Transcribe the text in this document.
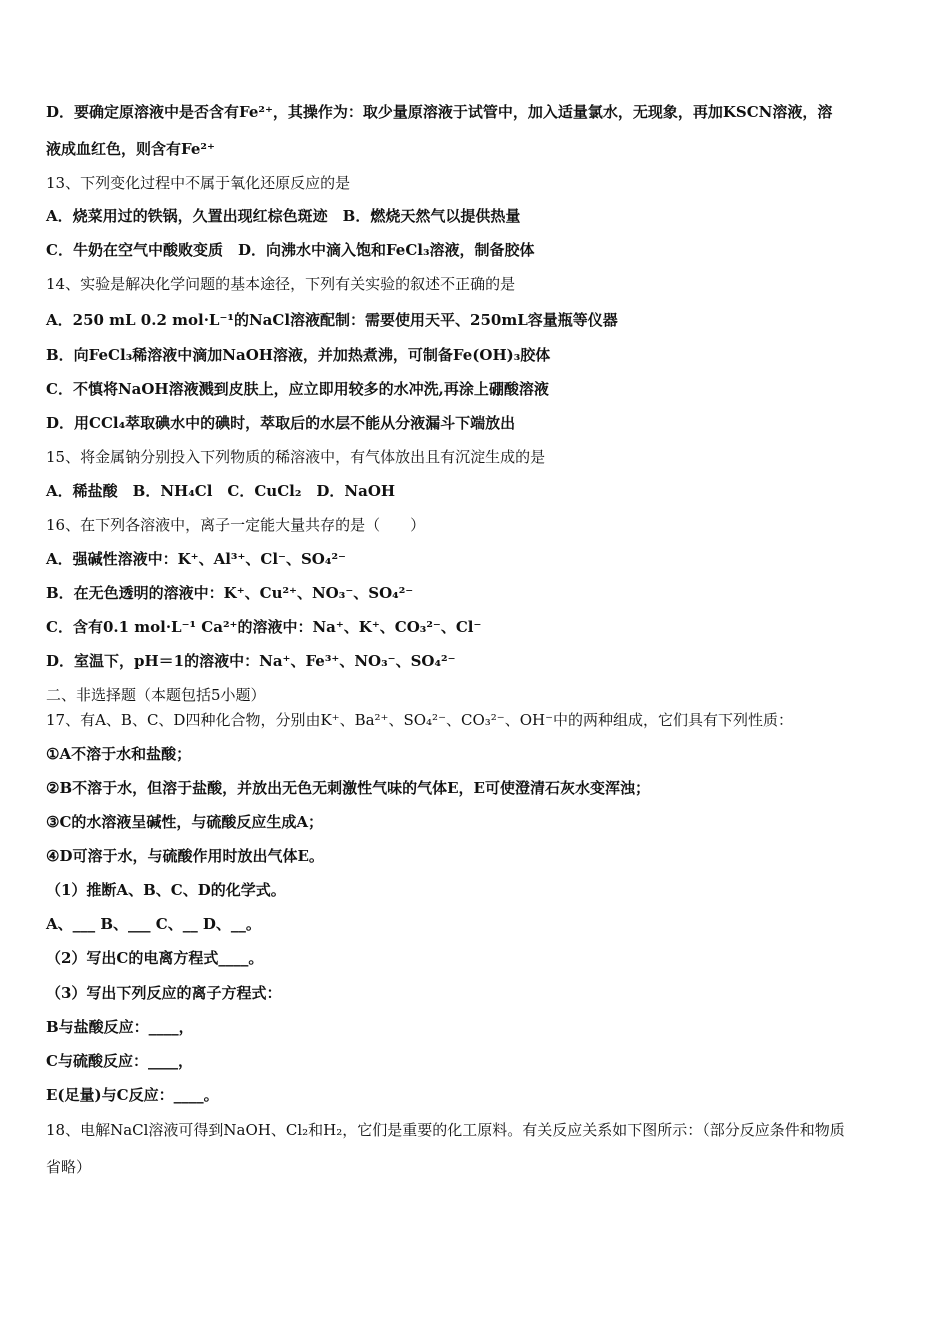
D．要确定原溶液中是否含有Fe²⁺，其操作为：取少量原溶液于试管中，加入适量氯水，无现象，再加KSCN溶液，溶
液成血红色，则含有Fe²⁺
13、下列变化过程中不属于氧化还原反应的是
A．烧菜用过的铁锅，久置出现红棕色斑迹　B．燃烧天然气以提供热量
C．牛奶在空气中酸败变质　D．向沸水中滴入饱和FeCl₃溶液，制备胶体
14、实验是解决化学问题的基本途径，下列有关实验的叙述不正确的是
A．250 mL 0.2 mol·L⁻¹的NaCl溶液配制：需要使用天平、250mL容量瓶等仪器
B．向FeCl₃稀溶液中滴加NaOH溶液，并加热煮沸，可制备Fe(OH)₃胶体
C．不慎将NaOH溶液溅到皮肤上，应立即用较多的水冲洗,再涂上硼酸溶液
D．用CCl₄萃取碘水中的碘时，萃取后的水层不能从分液漏斗下端放出
15、将金属钠分别投入下列物质的稀溶液中，有气体放出且有沉淀生成的是
A．稀盐酸　B．NH₄Cl　C．CuCl₂　D．NaOH
16、在下列各溶液中，离子一定能大量共存的是（　　）
A．强碱性溶液中：K⁺、Al³⁺、Cl⁻、SO₄²⁻
B．在无色透明的溶液中：K⁺、Cu²⁺、NO₃⁻、SO₄²⁻
C．含有0.1 mol·L⁻¹ Ca²⁺的溶液中：Na⁺、K⁺、CO₃²⁻、Cl⁻
D．室温下，pH＝1的溶液中：Na⁺、Fe³⁺、NO₃⁻、SO₄²⁻
二、非选择题（本题包括5小题）
17、有A、B、C、D四种化合物，分别由K⁺、Ba²⁺、SO₄²⁻、CO₃²⁻、OH⁻中的两种组成，它们具有下列性质：
①A不溶于水和盐酸；
②B不溶于水，但溶于盐酸，并放出无色无刺激性气味的气体E，E可使澄清石灰水变浑浊；
③C的水溶液呈碱性，与硫酸反应生成A；
④D可溶于水，与硫酸作用时放出气体E。
（1）推断A、B、C、D的化学式。
A、___ B、___ C、__ D、__。
（2）写出C的电离方程式____。
（3）写出下列反应的离子方程式：
B与盐酸反应：____，
C与硫酸反应：____，
E(足量)与C反应：____。
18、电解NaCl溶液可得到NaOH、Cl₂和H₂，它们是重要的化工原料。有关反应关系如下图所示：（部分反应条件和物质
省略）
